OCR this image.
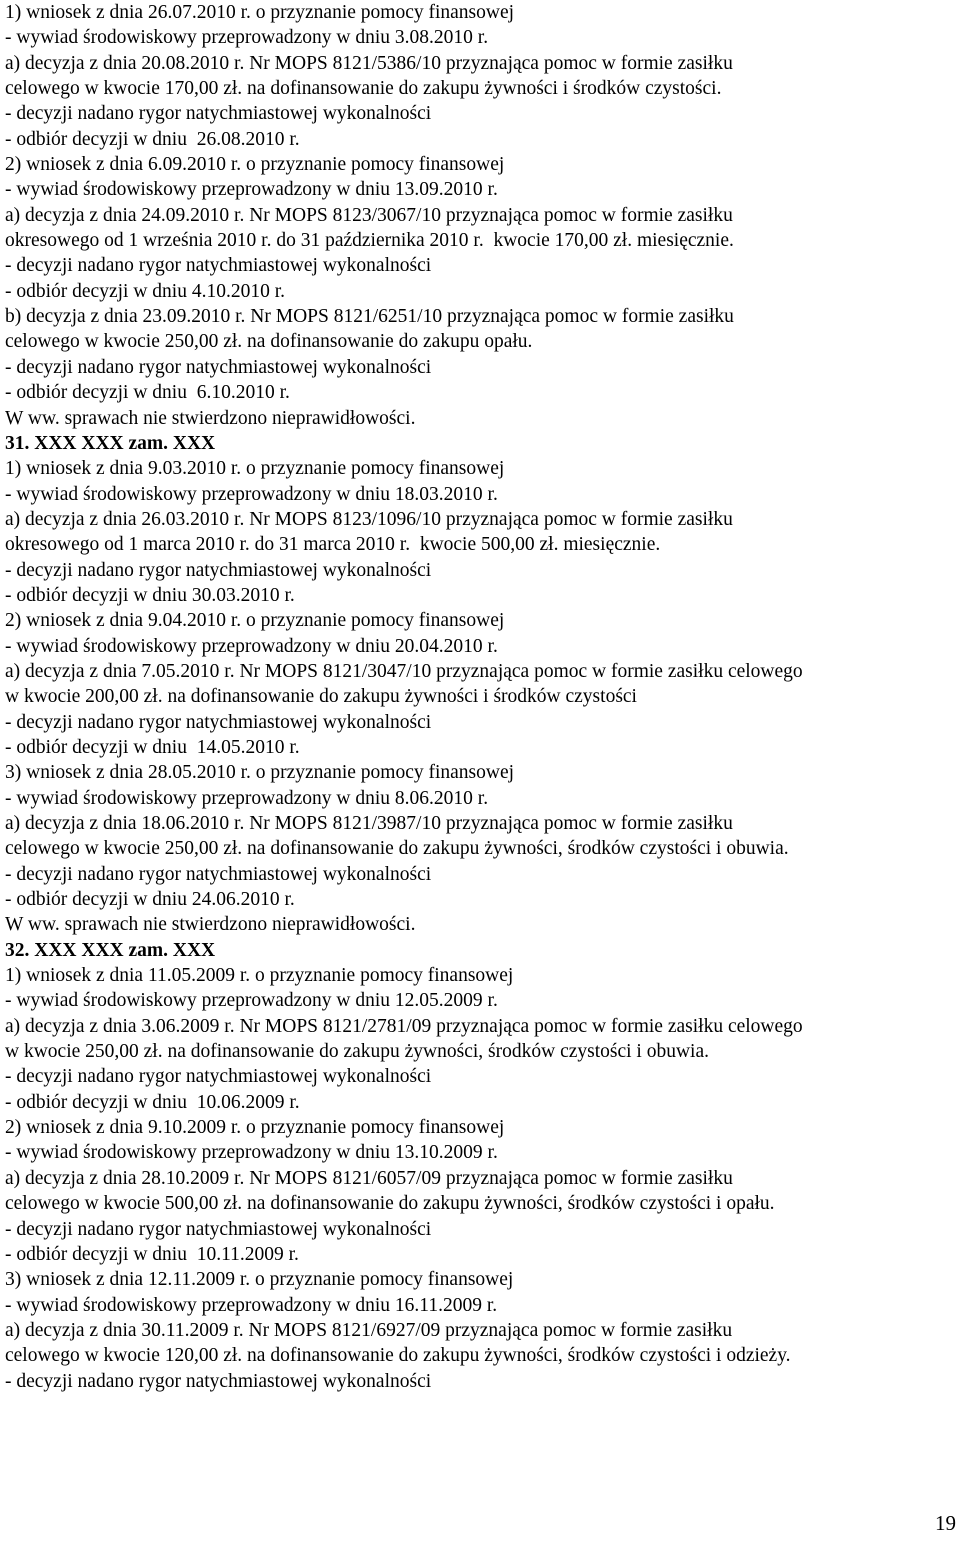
1) wniosek z dnia 26.07.2010 r. o przyznanie pomocy finansowej
- wywiad środowiskowy przeprowadzony w dniu 3.08.2010 r.
a) decyzja z dnia 20.08.2010 r. Nr MOPS 8121/5386/10 przyznająca pomoc w formie zasiłku
celowego w kwocie 170,00 zł. na dofinansowanie do zakupu żywności i środków czystości.
- decyzji nadano rygor natychmiastowej wykonalności
- odbiór decyzji w dniu  26.08.2010 r.
2) wniosek z dnia 6.09.2010 r. o przyznanie pomocy finansowej
- wywiad środowiskowy przeprowadzony w dniu 13.09.2010 r.
a) decyzja z dnia 24.09.2010 r. Nr MOPS 8123/3067/10 przyznająca pomoc w formie zasiłku
okresowego od 1 września 2010 r. do 31 października 2010 r.  kwocie 170,00 zł. miesięcznie.
- decyzji nadano rygor natychmiastowej wykonalności
- odbiór decyzji w dniu 4.10.2010 r.
b) decyzja z dnia 23.09.2010 r. Nr MOPS 8121/6251/10 przyznająca pomoc w formie zasiłku
celowego w kwocie 250,00 zł. na dofinansowanie do zakupu opału.
- decyzji nadano rygor natychmiastowej wykonalności
- odbiór decyzji w dniu  6.10.2010 r.
W ww. sprawach nie stwierdzono nieprawidłowości.
31. XXX XXX zam. XXX
1) wniosek z dnia 9.03.2010 r. o przyznanie pomocy finansowej
- wywiad środowiskowy przeprowadzony w dniu 18.03.2010 r.
a) decyzja z dnia 26.03.2010 r. Nr MOPS 8123/1096/10 przyznająca pomoc w formie zasiłku
okresowego od 1 marca 2010 r. do 31 marca 2010 r.  kwocie 500,00 zł. miesięcznie.
- decyzji nadano rygor natychmiastowej wykonalności
- odbiór decyzji w dniu 30.03.2010 r.
2) wniosek z dnia 9.04.2010 r. o przyznanie pomocy finansowej
- wywiad środowiskowy przeprowadzony w dniu 20.04.2010 r.
a) decyzja z dnia 7.05.2010 r. Nr MOPS 8121/3047/10 przyznająca pomoc w formie zasiłku celowego
w kwocie 200,00 zł. na dofinansowanie do zakupu żywności i środków czystości
- decyzji nadano rygor natychmiastowej wykonalności
- odbiór decyzji w dniu  14.05.2010 r.
3) wniosek z dnia 28.05.2010 r. o przyznanie pomocy finansowej
- wywiad środowiskowy przeprowadzony w dniu 8.06.2010 r.
a) decyzja z dnia 18.06.2010 r. Nr MOPS 8121/3987/10 przyznająca pomoc w formie zasiłku
celowego w kwocie 250,00 zł. na dofinansowanie do zakupu żywności, środków czystości i obuwia.
- decyzji nadano rygor natychmiastowej wykonalności
- odbiór decyzji w dniu 24.06.2010 r.
W ww. sprawach nie stwierdzono nieprawidłowości.
32. XXX XXX zam. XXX
1) wniosek z dnia 11.05.2009 r. o przyznanie pomocy finansowej
- wywiad środowiskowy przeprowadzony w dniu 12.05.2009 r.
a) decyzja z dnia 3.06.2009 r. Nr MOPS 8121/2781/09 przyznająca pomoc w formie zasiłku celowego
w kwocie 250,00 zł. na dofinansowanie do zakupu żywności, środków czystości i obuwia.
- decyzji nadano rygor natychmiastowej wykonalności
- odbiór decyzji w dniu  10.06.2009 r.
2) wniosek z dnia 9.10.2009 r. o przyznanie pomocy finansowej
- wywiad środowiskowy przeprowadzony w dniu 13.10.2009 r.
a) decyzja z dnia 28.10.2009 r. Nr MOPS 8121/6057/09 przyznająca pomoc w formie zasiłku
celowego w kwocie 500,00 zł. na dofinansowanie do zakupu żywności, środków czystości i opału.
- decyzji nadano rygor natychmiastowej wykonalności
- odbiór decyzji w dniu  10.11.2009 r.
3) wniosek z dnia 12.11.2009 r. o przyznanie pomocy finansowej
- wywiad środowiskowy przeprowadzony w dniu 16.11.2009 r.
a) decyzja z dnia 30.11.2009 r. Nr MOPS 8121/6927/09 przyznająca pomoc w formie zasiłku
celowego w kwocie 120,00 zł. na dofinansowanie do zakupu żywności, środków czystości i odzieży.
- decyzji nadano rygor natychmiastowej wykonalności
19
